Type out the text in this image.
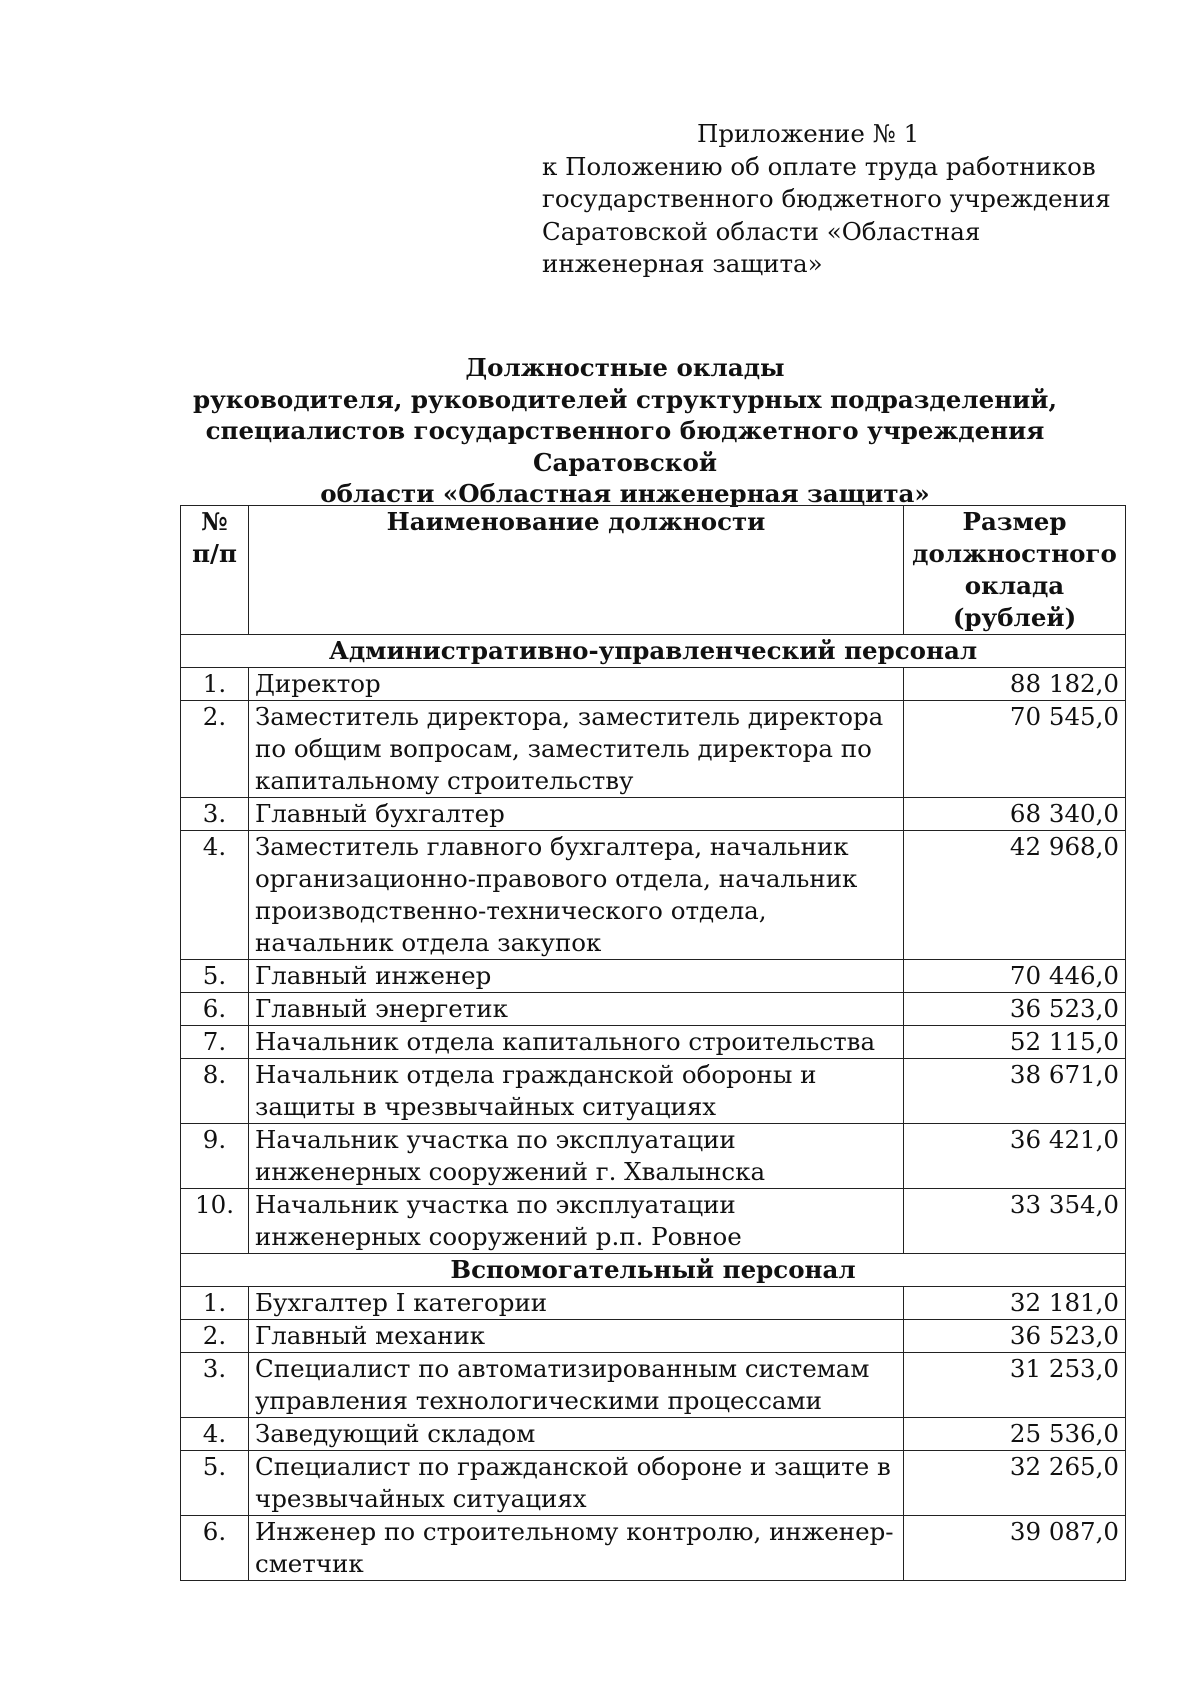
Приложение № 1
к Положению об оплате труда работников государственного бюджетного учреждения Саратовской области «Областная инженерная защита»
Должностные оклады
руководителя, руководителей структурных подразделений,
специалистов государственного бюджетного учреждения Саратовской
области «Областная инженерная защита»
№ п/п	Наименование должности	Размер должностного оклада (рублей)
Административно-управленческий персонал		
1.	Директор	88 182,0
2.	Заместитель директора, заместитель директора по общим вопросам, заместитель директора по капитальному строительству	70 545,0
3.	Главный бухгалтер	68 340,0
4.	Заместитель главного бухгалтера, начальник организационно-правового отдела, начальник производственно-технического отдела, начальник отдела закупок	42 968,0
5.	Главный инженер	70 446,0
6.	Главный энергетик	36 523,0
7.	Начальник отдела капитального строительства	52 115,0
8.	Начальник отдела гражданской обороны и защиты в чрезвычайных ситуациях	38 671,0
9.	Начальник участка по эксплуатации инженерных сооружений г. Хвалынска	36 421,0
10.	Начальник участка по эксплуатации инженерных сооружений р.п. Ровное	33 354,0
Вспомогательный персонал		
1.	Бухгалтер I категории	32 181,0
2.	Главный механик	36 523,0
3.	Специалист по автоматизированным системам управления технологическими процессами	31 253,0
4.	Заведующий складом	25 536,0
5.	Специалист по гражданской обороне и защите в чрезвычайных ситуациях	32 265,0
6.	Инженер по строительному контролю, инженер-сметчик	39 087,0
